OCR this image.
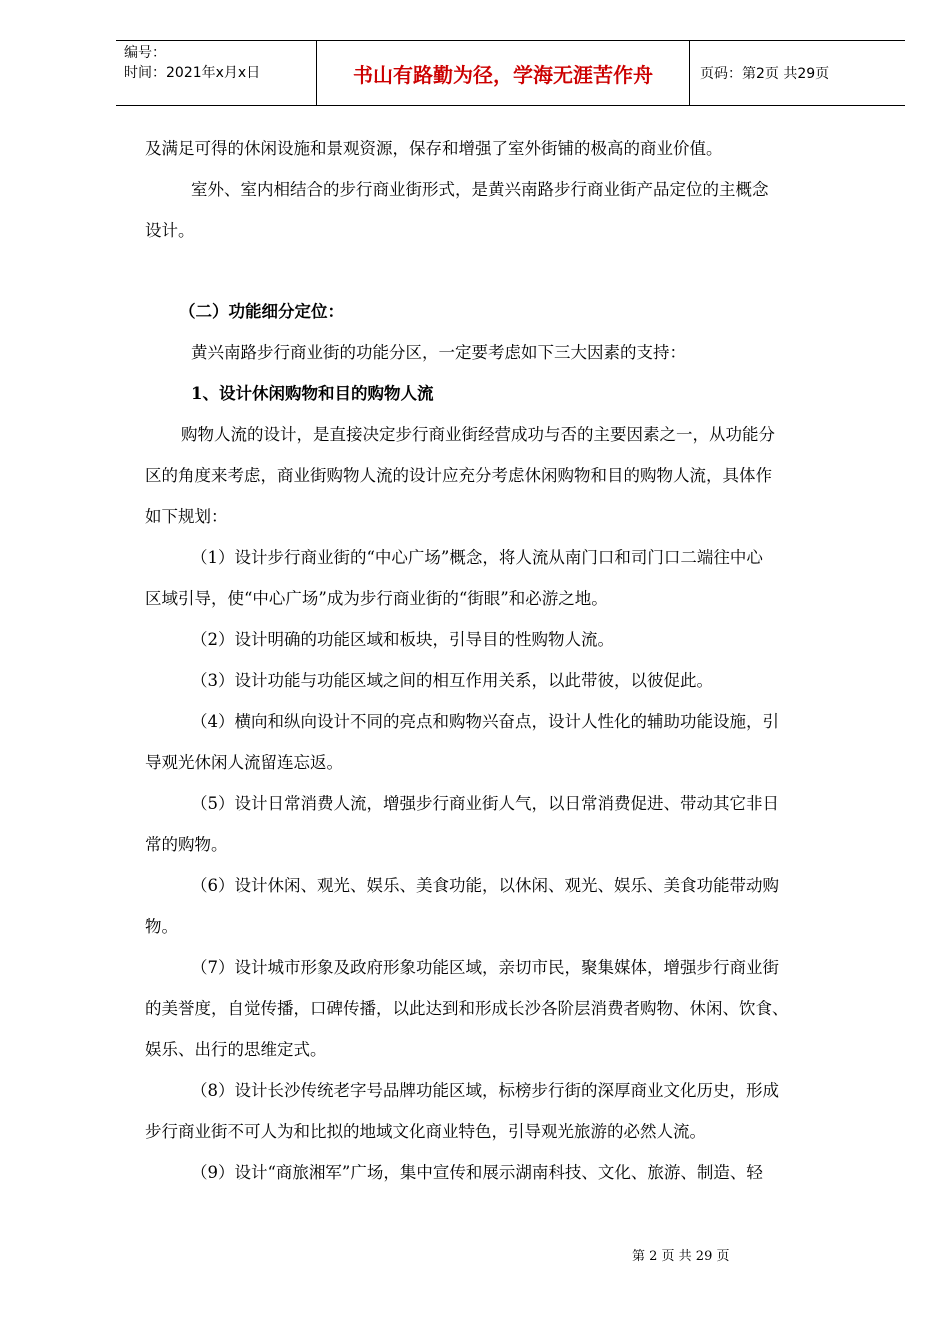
编号：
时间：2021年x月x日	书山有路勤为径，学海无涯苦作舟	页码：第2页 共29页

及满足可得的休闲设施和景观资源，保存和增强了室外街铺的极高的商业价值。

室外、室内相结合的步行商业街形式，是黄兴南路步行商业街产品定位的主概念

设计。

（二）功能细分定位：

黄兴南路步行商业街的功能分区，一定要考虑如下三大因素的支持：

1、设计休闲购物和目的购物人流

购物人流的设计，是直接决定步行商业街经营成功与否的主要因素之一，从功能分

区的角度来考虑，商业街购物人流的设计应充分考虑休闲购物和目的购物人流，具体作

如下规划：

（1）设计步行商业街的“中心广场”概念，将人流从南门口和司门口二端往中心

区域引导，使“中心广场”成为步行商业街的“街眼”和必游之地。

（2）设计明确的功能区域和板块，引导目的性购物人流。

（3）设计功能与功能区域之间的相互作用关系，以此带彼，以彼促此。

（4）横向和纵向设计不同的亮点和购物兴奋点，设计人性化的辅助功能设施，引

导观光休闲人流留连忘返。

（5）设计日常消费人流，增强步行商业街人气，以日常消费促进、带动其它非日

常的购物。

（6）设计休闲、观光、娱乐、美食功能，以休闲、观光、娱乐、美食功能带动购

物。

（7）设计城市形象及政府形象功能区域，亲切市民，聚集媒体，增强步行商业街

的美誉度，自觉传播，口碑传播，以此达到和形成长沙各阶层消费者购物、休闲、饮食、

娱乐、出行的思维定式。

（8）设计长沙传统老字号品牌功能区域，标榜步行街的深厚商业文化历史，形成

步行商业街不可人为和比拟的地域文化商业特色，引导观光旅游的必然人流。

（9）设计“商旅湘军”广场，集中宣传和展示湖南科技、文化、旅游、制造、轻

第 2 页 共 29 页
